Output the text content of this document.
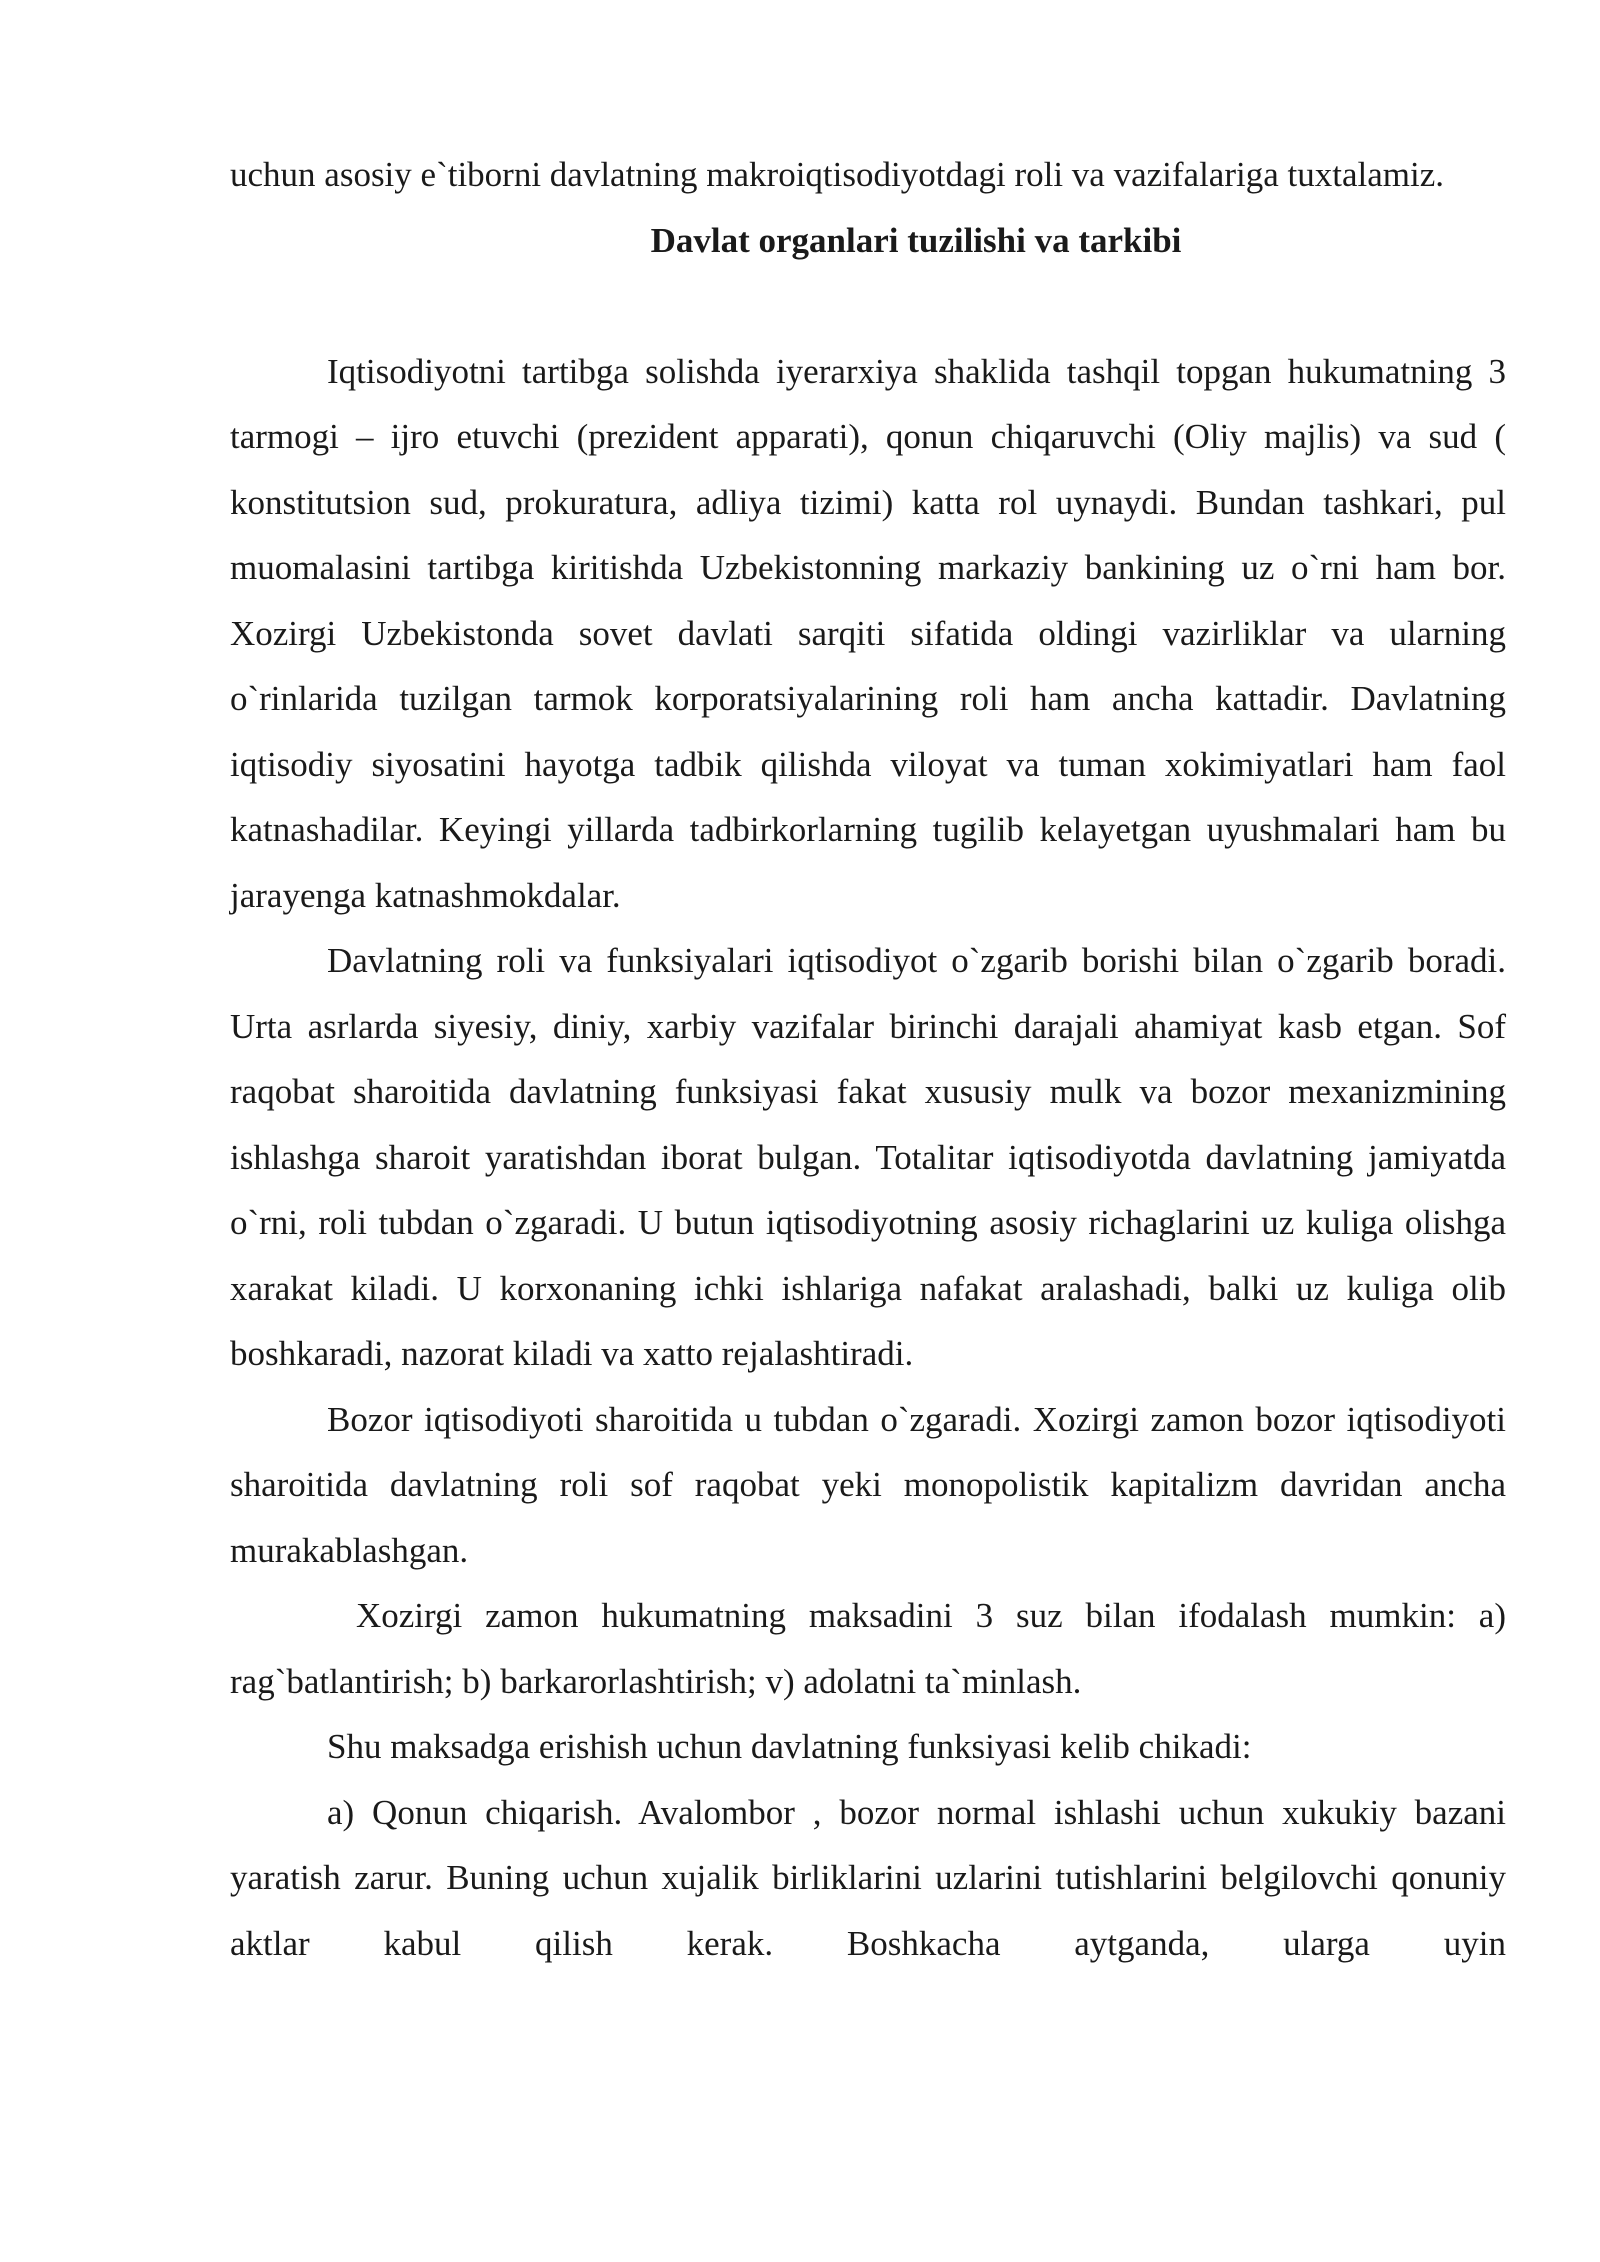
uchun asosiy e`tiborni davlatning makroiqtisodiyotdagi roli va vazifalariga tuxtalamiz.

Davlat organlari tuzilishi va tarkibi

Iqtisodiyotni tartibga solishda iyerarxiya shaklida tashqil topgan hukumatning 3 tarmogi – ijro etuvchi (prezident apparati), qonun chiqaruvchi (Oliy majlis) va sud ( konstitutsion sud, prokuratura, adliya tizimi) katta rol uynaydi. Bundan tashkari, pul muomalasini tartibga kiritishda Uzbekistonning markaziy bankining uz o`rni ham bor. Xozirgi Uzbekistonda sovet davlati sarqiti sifatida oldingi vazirliklar va ularning o`rinlarida tuzilgan tarmok korporatsiyalarining roli ham ancha kattadir. Davlatning iqtisodiy siyosatini hayotga tadbik qilishda viloyat va tuman xokimiyatlari ham faol katnashadilar. Keyingi yillarda tadbirkorlarning tugilib kelayetgan uyushmalari ham bu jarayenga katnashmokdalar.

Davlatning roli va funksiyalari iqtisodiyot o`zgarib borishi bilan o`zgarib boradi. Urta asrlarda siyesiy, diniy, xarbiy vazifalar birinchi darajali ahamiyat kasb etgan. Sof raqobat sharoitida davlatning funksiyasi fakat xususiy mulk va bozor mexanizmining ishlashga sharoit yaratishdan iborat bulgan. Totalitar iqtisodiyotda davlatning jamiyatda o`rni, roli tubdan o`zgaradi. U butun iqtisodiyotning asosiy richaglarini uz kuliga olishga xarakat kiladi. U korxonaning ichki ishlariga nafakat aralashadi, balki uz kuliga olib boshkaradi, nazorat kiladi va xatto rejalashtiradi.

Bozor iqtisodiyoti sharoitida u tubdan o`zgaradi. Xozirgi zamon bozor iqtisodiyoti sharoitida davlatning roli sof raqobat yeki monopolistik kapitalizm davridan ancha murakablashgan.

Xozirgi zamon hukumatning maksadini 3 suz bilan ifodalash mumkin: a) rag`batlantirish; b) barkarorlashtirish; v) adolatni ta`minlash.

Shu maksadga erishish uchun davlatning funksiyasi kelib chikadi:

a) Qonun chiqarish. Avalombor , bozor normal ishlashi uchun xukukiy bazani yaratish zarur. Buning uchun xujalik birliklarini uzlarini tutishlarini belgilovchi qonuniy aktlar kabul qilish kerak. Boshkacha aytganda, ularga uyin
